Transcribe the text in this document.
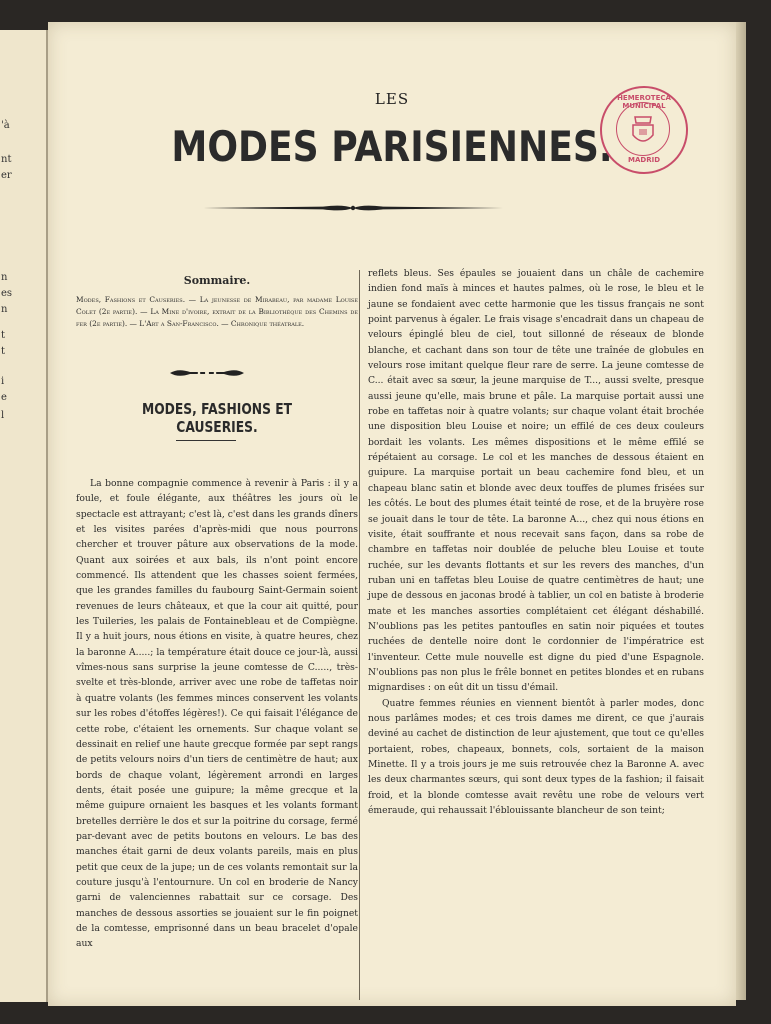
'à
nt
er
n
es
n
t
t
i
e
l
LES
MODES PARISIENNES.
HEMEROTECA MUNICIPAL
MADRID
Sommaire.
Modes, Fashions et Causeries. — La jeunesse de Mirabeau, par madame Louise Colet (2e partie). — La Mine d'ivoire, extrait de la Bibliothèque des Chemins de fer (2e partie). — L'Art a San-Francisco. — Chronique théatrale.
MODES, FASHIONS ET CAUSERIES.

La bonne compagnie commence à revenir à Paris : il y a foule, et foule élégante, aux théâtres les jours où le spectacle est attrayant; c'est là, c'est dans les grands dîners et les visites parées d'après-midi que nous pourrons chercher et trouver pâture aux observations de la mode. Quant aux soirées et aux bals, ils n'ont point encore commencé. Ils attendent que les chasses soient fermées, que les grandes familles du faubourg Saint-Germain soient revenues de leurs châteaux, et que la cour ait quitté, pour les Tuileries, les palais de Fontainebleau et de Compiègne. Il y a huit jours, nous étions en visite, à quatre heures, chez la baronne A.....; la température était douce ce jour-là, aussi vîmes-nous sans surprise la jeune comtesse de C....., très-svelte et très-blonde, arriver avec une robe de taffetas noir à quatre volants (les femmes minces conservent les volants sur les robes d'étoffes légères!). Ce qui faisait l'élégance de cette robe, c'étaient les ornements. Sur chaque volant se dessinait en relief une haute grecque formée par sept rangs de petits velours noirs d'un tiers de centimètre de haut; aux bords de chaque volant, légèrement arrondi en larges dents, était posée une guipure; la même grecque et la même guipure ornaient les basques et les volants formant bretelles derrière le dos et sur la poitrine du corsage, fermé par-devant avec de petits boutons en velours. Le bas des manches était garni de deux volants pareils, mais en plus petit que ceux de la jupe; un de ces volants remontait sur la couture jusqu'à l'entournure. Un col en broderie de Nancy garni de valenciennes rabattait sur ce corsage. Des manches de dessous assorties se jouaient sur le fin poignet de la comtesse, emprisonné dans un beau bracelet d'opale aux

reflets bleus. Ses épaules se jouaient dans un châle de cachemire indien fond maïs à minces et hautes palmes, où le rose, le bleu et le jaune se fondaient avec cette harmonie que les tissus français ne sont point parvenus à égaler. Le frais visage s'encadrait dans un chapeau de velours épinglé bleu de ciel, tout sillonné de réseaux de blonde blanche, et cachant dans son tour de tête une traînée de globules en velours rose imitant quelque fleur rare de serre. La jeune comtesse de C... était avec sa sœur, la jeune marquise de T..., aussi svelte, presque aussi jeune qu'elle, mais brune et pâle. La marquise portait aussi une robe en taffetas noir à quatre volants; sur chaque volant était brochée une disposition bleu Louise et noire; un effilé de ces deux couleurs bordait les volants. Les mêmes dispositions et le même effilé se répétaient au corsage. Le col et les manches de dessous étaient en guipure. La marquise portait un beau cachemire fond bleu, et un chapeau blanc satin et blonde avec deux touffes de plumes frisées sur les côtés. Le bout des plumes était teinté de rose, et de la bruyère rose se jouait dans le tour de tête. La baronne A..., chez qui nous étions en visite, était souffrante et nous recevait sans façon, dans sa robe de chambre en taffetas noir doublée de peluche bleu Louise et toute ruchée, sur les devants flottants et sur les revers des manches, d'un ruban uni en taffetas bleu Louise de quatre centimètres de haut; une jupe de dessous en jaconas brodé à tablier, un col en batiste à broderie mate et les manches assorties complétaient cet élégant déshabillé. N'oublions pas les petites pantoufles en satin noir piquées et toutes ruchées de dentelle noire dont le cordonnier de l'impératrice est l'inventeur. Cette mule nouvelle est digne du pied d'une Espagnole. N'oublions pas non plus le frêle bonnet en petites blondes et en rubans mignardises : on eût dit un tissu d'émail.

Quatre femmes réunies en viennent bientôt à parler modes, donc nous parlâmes modes; et ces trois dames me dirent, ce que j'aurais deviné au cachet de distinction de leur ajustement, que tout ce qu'elles portaient, robes, chapeaux, bonnets, cols, sortaient de la maison Minette. Il y a trois jours je me suis retrouvée chez la Baronne A. avec les deux charmantes sœurs, qui sont deux types de la fashion; il faisait froid, et la blonde comtesse avait revêtu une robe de velours vert émeraude, qui rehaussait l'éblouissante blancheur de son teint;
